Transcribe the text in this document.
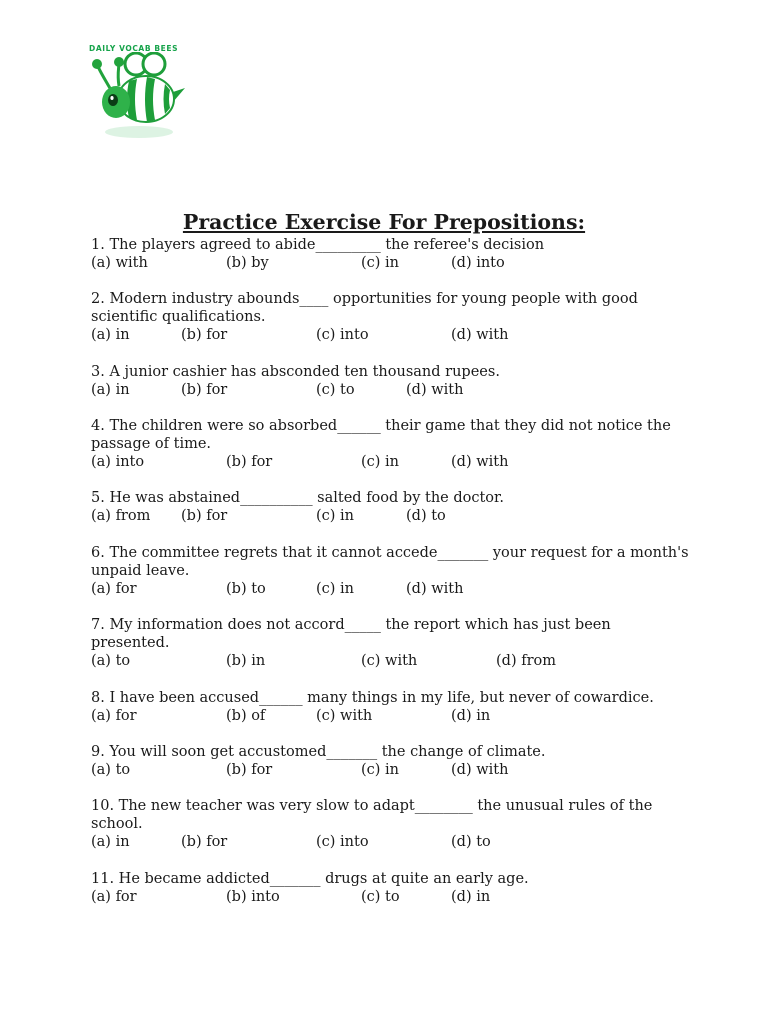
DAILY VOCAB BEES
Practice Exercise For Prepositions:

1. The players agreed to abide_________ the referee's decision

(a) with	(b) by	(c) in	(d) into

2. Modern industry abounds____ opportunities for young people with good scientific qualifications.

(a) in	(b) for	(c) into	(d) with

3. A junior cashier has absconded ten thousand rupees.

(a) in	(b) for	(c) to	(d) with

4. The children were so absorbed______ their game that they did not notice the passage of time.

(a) into	(b) for	(c) in	(d) with

5. He was abstained__________ salted food by the doctor.

(a) from (b) for	(c) in	(d) to

6. The committee regrets that it cannot accede_______ your request for a month's unpaid leave.

(a) for	(b) to	(c) in	(d) with

7. My information does not accord_____ the report which has just been presented.

(a) to	(b) in	(c) with	(d) from

8. I have been accused______ many things in my life, but never of cowardice.

(a) for	(b) of	(c) with	(d) in

9. You will soon get accustomed_______ the change of climate.

(a) to	(b) for	(c) in	(d) with

10. The new teacher was very slow to adapt________ the unusual rules of the school.

(a) in	(b) for	(c) into	(d) to

11. He became addicted_______ drugs at quite an early age.

(a) for	(b) into	(c) to	(d) in
